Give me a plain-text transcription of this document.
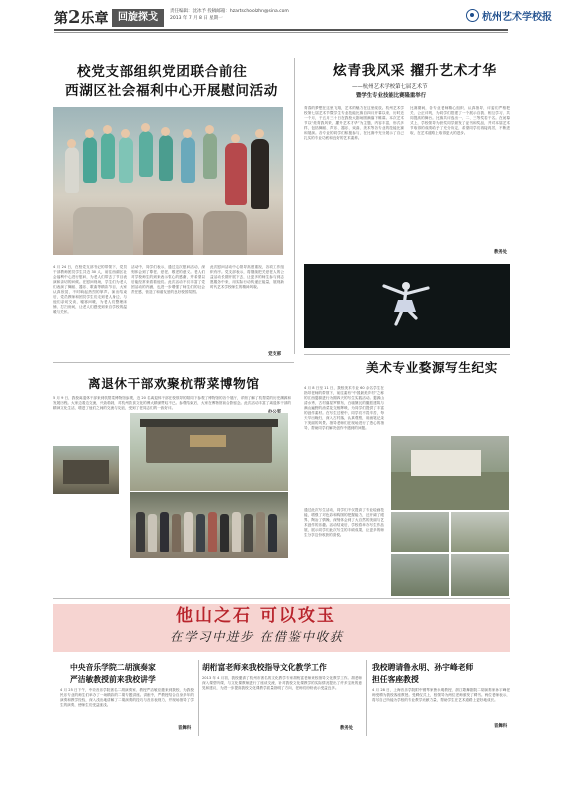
第2乐章 回旋探戈
责任编辑：沈冰予 投稿邮箱：hzartschoolzhn@sina.com
2013 年 7 月 8 日 星期一	杭州艺术学校报
校党支部组织党团联合前往
西湖区社会福利中心开展慰问活动
4 月 24 日，在校党支部书记的带领下，党员干部教师团员学生共近 30 人，前往西湖区社会福利中心进行慰问，为老人们带去了节目表演和亲切的问候。在慰问现场，学生们为老人们表演了舞蹈、器乐、歌曲等精彩节目，大家认真欣赏，不时响起热烈的掌声。演出结束后，党员教师和团员学生们走到老人身边，与他们亲切交谈，嘘寒问暖，为老人们整理床铺、打扫房间，让老人们感受到来自学校的温暖与关怀。
活动中，同学们表示，通过这次慰问活动，深刻体会到了尊老、爱老、敬老的意义。老人们对学校师生的到来表示衷心的感谢，并希望以后能经常来看看他们。此次活动不仅丰富了党团活动的内涵，也进一步增强了师生们的社会责任感，营造了和谐友爱的良好校园氛围。
此次慰问活动中心领导高度重视，各项工作组织有序。党支部表示，将继续把关爱老人的公益活动长期开展下去，让更多的师生参与到志愿服务中来，用实际行动传递正能量，展现新时代艺术学校师生的精神风貌。
党支部
炫青我风采 擢升艺术才华
——杭州艺术学校第七届艺术节
暨学生专业技能比赛隆重举行
青春的梦想在这里飞翔，艺术的魅力在这里绽放。杭州艺术学校第七届艺术节暨学生专业技能比赛自四月开幕以来，历时近一个月，于五月三十日在我校大剧场圆满落下帷幕。本次艺术节以“炫青我风采，擢升艺术才华”为主题，内容丰富，形式多样，包括舞蹈、声乐、器乐、戏曲、美术等各专业的技能比赛和展演。各专业的同学们积极参与，在比赛中充分展示了自己扎实的专业功底和良好的艺术素养。
比赛期间，各专业老师精心组织、认真指导，评委们严格把关、公正评判，为同学们搭建了一个展示自我、相互学习、共同提高的舞台。比赛共评选出一、二、三等奖若干名。在闭幕式上，学校领导为获奖同学颁发了证书和奖品，并对本届艺术节取得的成绩给予了充分肯定，希望同学们再接再厉，不断进取，在艺术道路上取得更大的进步。
教务处
离退休干部欢聚杭帮菜博物馆
5 月 9 日，我校离退休干部来到杭帮菜博物馆参观，近 20 名离退休干部在校领导的陪同下参观了博物馆的各个展厅，详细了解了杭帮菜的历史渊源和发展历程。大家边看边交流，兴致勃勃，对杭州饮食文化的博大精深赞叹不已。参观结束后，大家在博物馆前合影留念。此次活动丰富了离退休干部的精神文化生活，增进了他们之间的交流与友谊，受到了老同志们的一致好评。
美术专业婺源写生纪实
4 月 8 日至 11 日，我校美术专业 60 余名学生在指导老师的带领下，前往素有“中国最美乡村”之称的江西婺源进行为期四天的写生实践活动。婺源山清水秀，古村落星罗棋布，白墙黛瓦的徽派建筑与满山遍野的油菜花交相辉映，为同学们提供了丰富的创作素材。在写生过程中，同学们不畏辛苦，每天早出晚归，深入古村落，认真观察，用画笔记录下美丽的风景。指导老师们在现场进行了悉心的指导，帮助同学们解决创作中遇到的问题。
通过此次写生活动，同学们不仅提高了专业绘画技能，增强了对色彩和构图的把握能力，还开阔了眼界，陶冶了情操，深刻体会到了大自然的美丽与艺术创作的乐趣。活动结束后，学校将举办写生作品展，展示同学们此次写生的丰硕成果，让更多的师生分享这份收获的喜悦。
他山之石 可以攻玉
在学习中进步 在借鉴中收获
中央音乐学院二胡演奏家
严洁敏教授前来我校讲学
4 月 25 日下午，中央音乐学院著名二胡演奏家、教授严洁敏应邀来到我校，为我校民乐专业的师生们举办了一场精彩的二胡专题讲座。讲座中，严教授结合自身多年的演奏和教学经验，深入浅出地讲解了二胡演奏的技巧与音乐表现力，并现场指导了学生的演奏，使师生们受益匪浅。
音舞科
胡桁富老师来我校指导文化教学工作
2013 年 4 月初，我校邀请了杭州市著名的文化教学专家胡桁富老师来校指导文化教学工作。胡老师深入课堂听课，与文化课教师进行了座谈交流，针对我校文化课教学的实际情况提出了许多宝贵的意见和建议，为进一步提高我校文化课教学质量指明了方向，老师们纷纷表示受益良多。
教务处
我校聘请鲁永明、孙宇峰老师
担任客座教授
4 月 28 日，上海音乐学院附中钢琴家鲁永明教授、浙江歌舞剧院二胡演奏家孙宇峰老师受聘为我校客座教授。受聘仪式上，校领导为两位老师颁发了聘书。两位老师表示，将尽自己所能为学校的专业教学贡献力量，帮助学生在艺术道路上更好地成长。
音舞科
